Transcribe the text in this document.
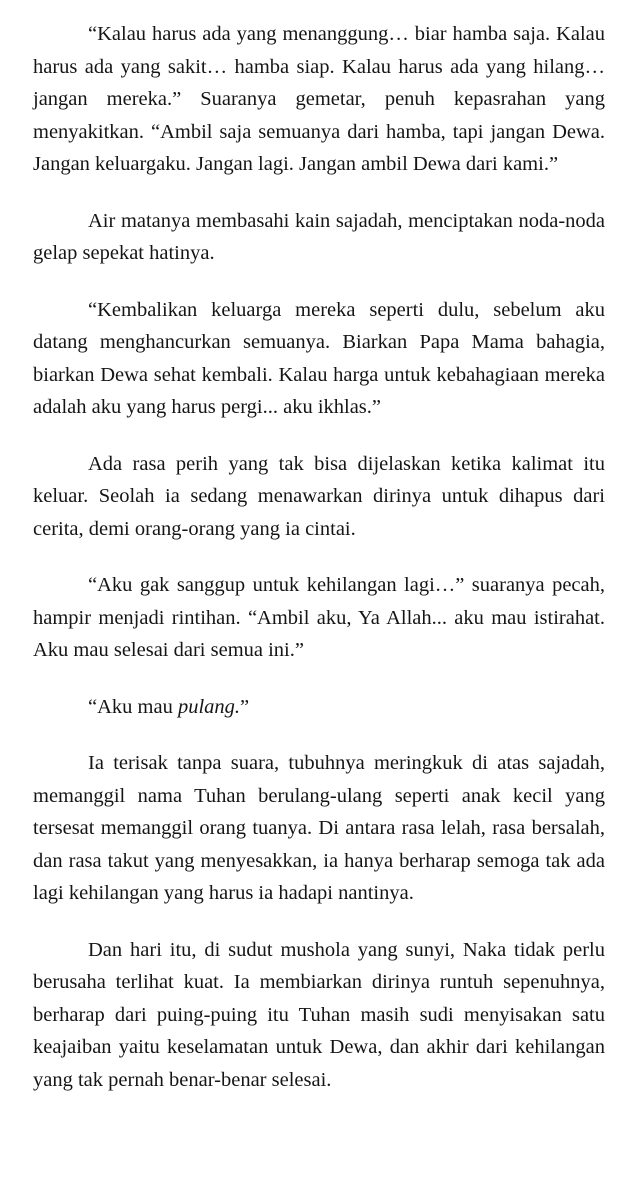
“Kalau harus ada yang menanggung… biar hamba saja. Kalau harus ada yang sakit… hamba siap. Kalau harus ada yang hilang… jangan mereka.” Suaranya gemetar, penuh kepasrahan yang menyakitkan. “Ambil saja semuanya dari hamba, tapi jangan Dewa. Jangan keluargaku. Jangan lagi. Jangan ambil Dewa dari kami.”

Air matanya membasahi kain sajadah, menciptakan noda-noda gelap sepekat hatinya.

“Kembalikan keluarga mereka seperti dulu, sebelum aku datang menghancurkan semuanya. Biarkan Papa Mama bahagia, biarkan Dewa sehat kembali. Kalau harga untuk kebahagiaan mereka adalah aku yang harus pergi... aku ikhlas.”

Ada rasa perih yang tak bisa dijelaskan ketika kalimat itu keluar. Seolah ia sedang menawarkan dirinya untuk dihapus dari cerita, demi orang-orang yang ia cintai.

“Aku gak sanggup untuk kehilangan lagi…” suaranya pecah, hampir menjadi rintihan. “Ambil aku, Ya Allah... aku mau istirahat. Aku mau selesai dari semua ini.”

“Aku mau pulang.”

Ia terisak tanpa suara, tubuhnya meringkuk di atas sajadah, memanggil nama Tuhan berulang-ulang seperti anak kecil yang tersesat memanggil orang tuanya. Di antara rasa lelah, rasa bersalah, dan rasa takut yang menyesakkan, ia hanya berharap semoga tak ada lagi kehilangan yang harus ia hadapi nantinya.

Dan hari itu, di sudut mushola yang sunyi, Naka tidak perlu berusaha terlihat kuat. Ia membiarkan dirinya runtuh sepenuhnya, berharap dari puing-puing itu Tuhan masih sudi menyisakan satu keajaiban yaitu keselamatan untuk Dewa, dan akhir dari kehilangan yang tak pernah benar-benar selesai.
